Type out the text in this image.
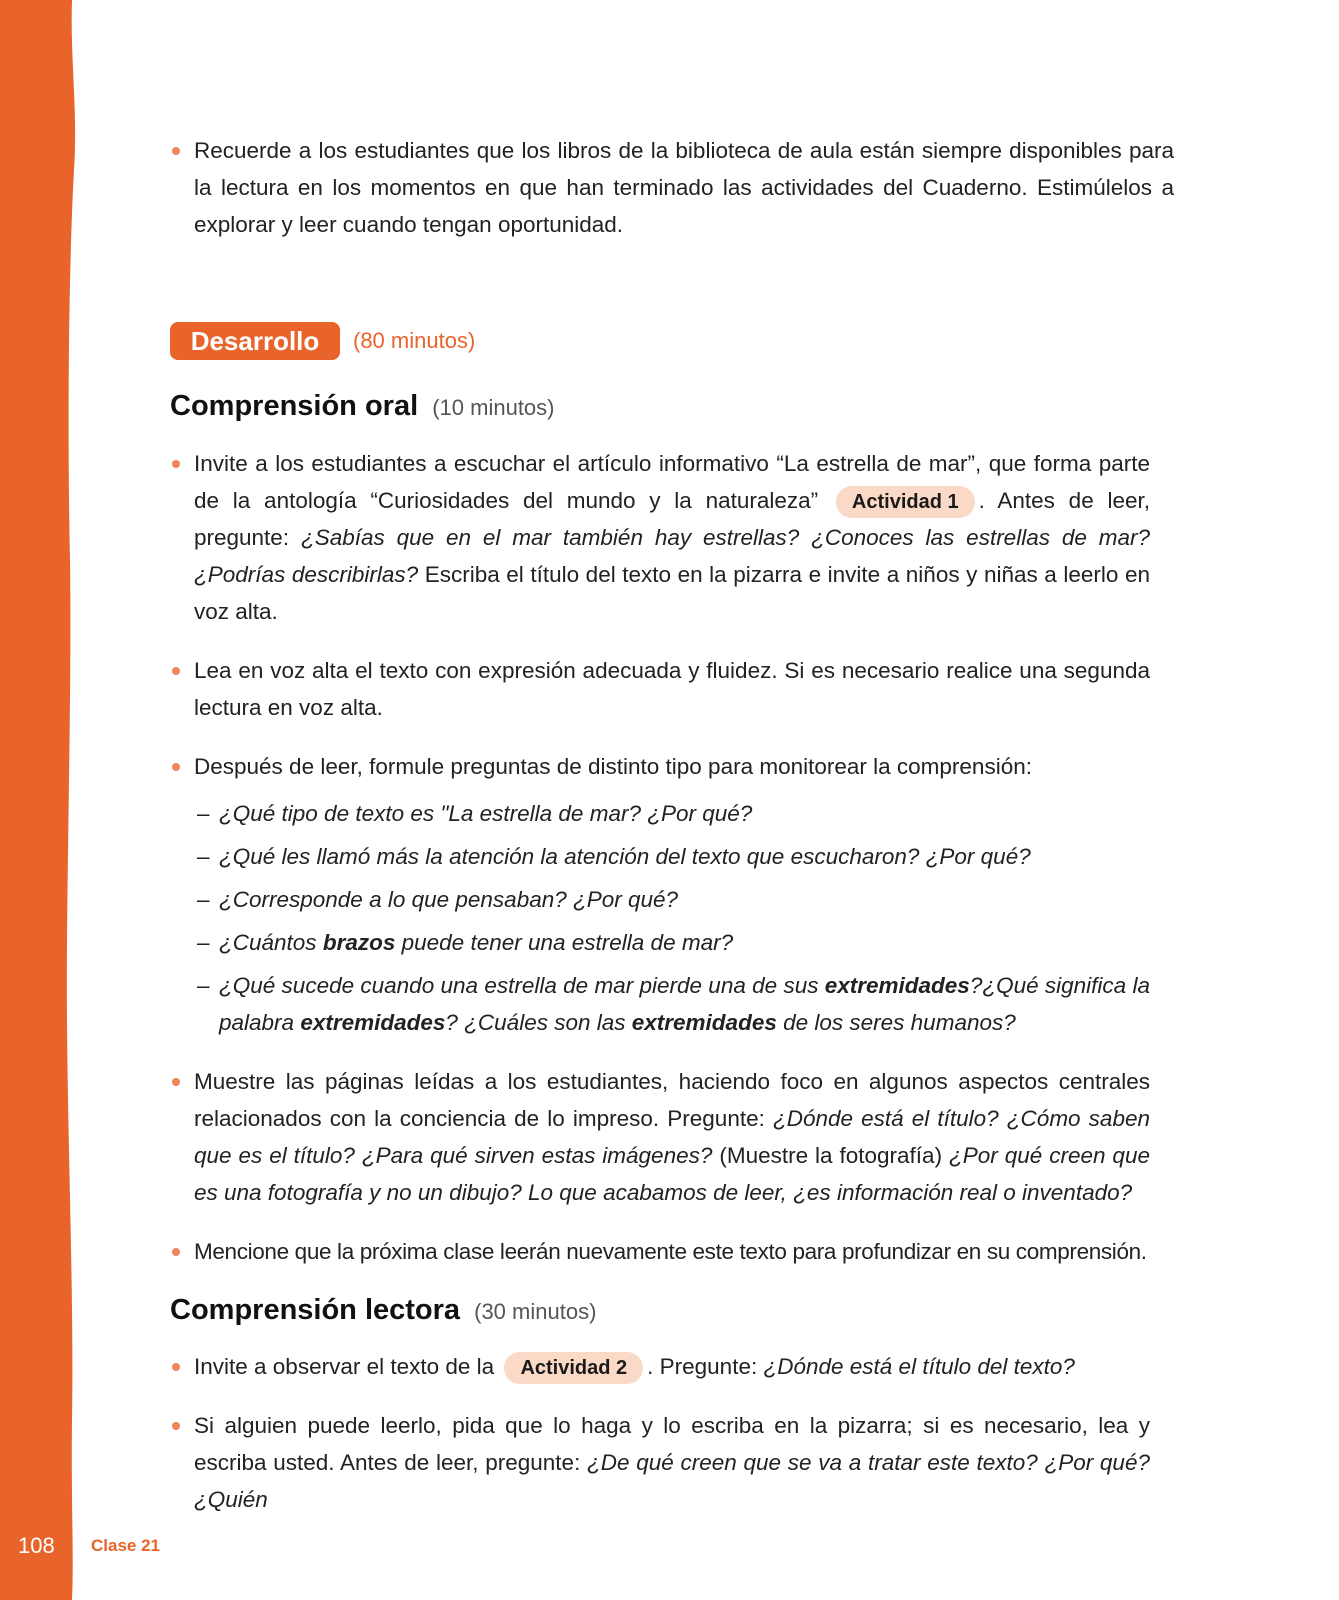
108 Clase 21
Recuerde a los estudiantes que los libros de la biblioteca de aula están siempre disponibles para la lectura en los momentos en que han terminado las actividades del Cuaderno. Estimúlelos a explorar y leer cuando tengan oportunidad.
Desarrollo	(80 minutos)
Comprensión oral (10 minutos)
Invite a los estudiantes a escuchar el artículo informativo “La estrella de mar”, que forma parte de la antología “Curiosidades del mundo y la naturaleza” Actividad 1 . Antes de leer, pregunte: ¿Sabías que en el mar también hay estrellas? ¿Conoces las estrellas de mar? ¿Podrías describirlas? Escriba el título del texto en la pizarra e invite a niños y niñas a leerlo en voz alta.
Lea en voz alta el texto con expresión adecuada y fluidez. Si es necesario realice una segunda lectura en voz alta.
Después de leer, formule preguntas de distinto tipo para monitorear la comprensión:
– ¿Qué tipo de texto es "La estrella de mar? ¿Por qué?
– ¿Qué les llamó más la atención la atención del texto que escucharon? ¿Por qué?
– ¿Corresponde a lo que pensaban? ¿Por qué?
– ¿Cuántos brazos puede tener una estrella de mar?
– ¿Qué sucede cuando una estrella de mar pierde una de sus extremidades?¿Qué significa la palabra extremidades? ¿Cuáles son las extremidades de los seres humanos?
Muestre las páginas leídas a los estudiantes, haciendo foco en algunos aspectos centrales relacionados con la conciencia de lo impreso. Pregunte: ¿Dónde está el título? ¿Cómo saben que es el título? ¿Para qué sirven estas imágenes? (Muestre la fotografía) ¿Por qué creen que es una fotografía y no un dibujo? Lo que acabamos de leer, ¿es información real o inventado?
Mencione que la próxima clase leerán nuevamente este texto para profundizar en su comprensión.
Comprensión lectora (30 minutos)
Invite a observar el texto de la Actividad 2 . Pregunte: ¿Dónde está el título del texto?
Si alguien puede leerlo, pida que lo haga y lo escriba en la pizarra; si es necesario, lea y escriba usted. Antes de leer, pregunte: ¿De qué creen que se va a tratar este texto? ¿Por qué? ¿Quién
